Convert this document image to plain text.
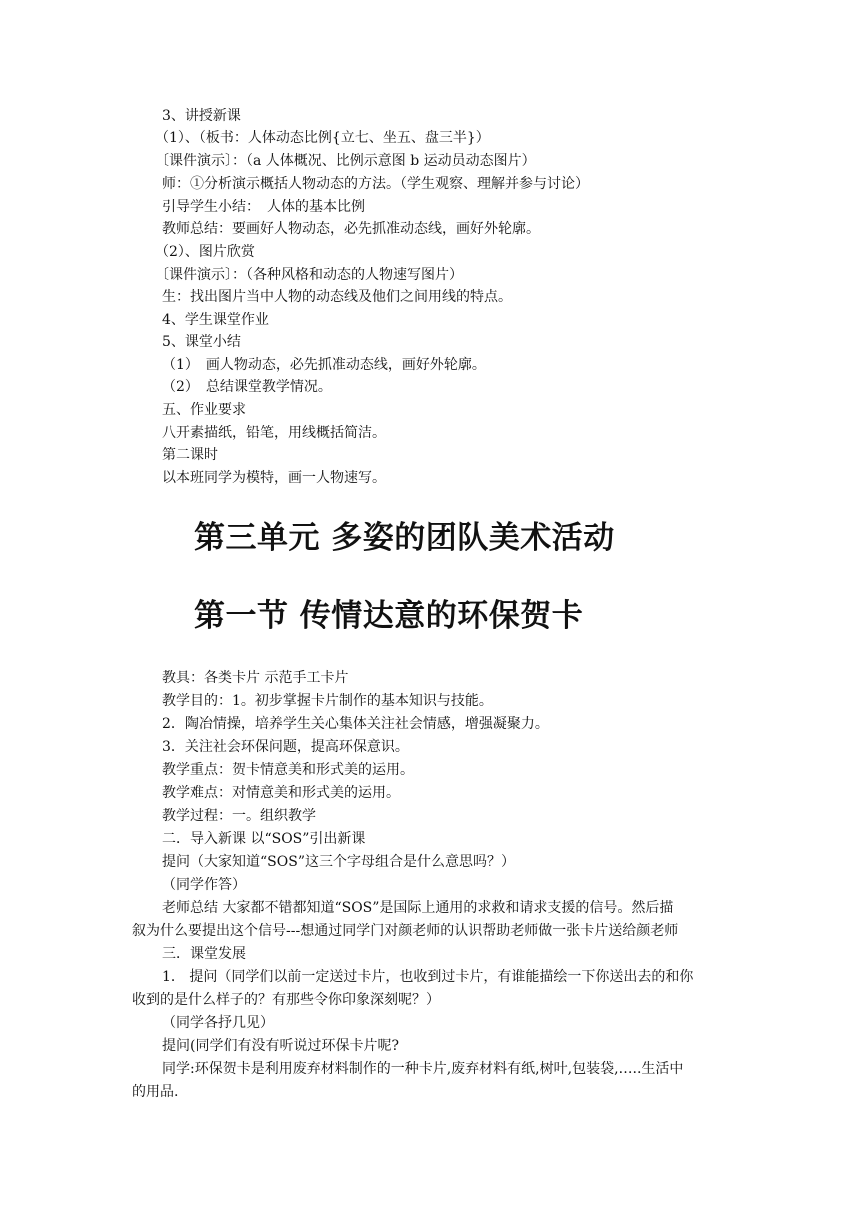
3、讲授新课
（1）、（板书：人体动态比例{立七、坐五、盘三半}）
〔课件演示〕：（a 人体概况、比例示意图 b 运动员动态图片）
师：①分析演示概括人物动态的方法。（学生观察、理解并参与讨论）
引导学生小结：　人体的基本比例
教师总结：要画好人物动态，必先抓准动态线，画好外轮廓。
（2）、图片欣赏
〔课件演示〕：（各种风格和动态的人物速写图片）
生：找出图片当中人物的动态线及他们之间用线的特点。
4、学生课堂作业
5、课堂小结
（1）　画人物动态，必先抓准动态线，画好外轮廓。
（2）　总结课堂教学情况。
五、作业要求
八开素描纸，铅笔，用线概括简洁。
第二课时
以本班同学为模特，画一人物速写。
第三单元 多姿的团队美术活动
第一节 传情达意的环保贺卡
教具：各类卡片 示范手工卡片
教学目的：1。初步掌握卡片制作的基本知识与技能。
2．陶冶情操，培养学生关心集体关注社会情感，增强凝聚力。
3．关注社会环保问题，提高环保意识。
教学重点：贺卡情意美和形式美的运用。
教学难点：对情意美和形式美的运用。
教学过程：一。组织教学
二．导入新课 以“SOS”引出新课
提问（大家知道“SOS”这三个字母组合是什么意思吗？）
（同学作答）
老师总结 大家都不错都知道“SOS”是国际上通用的求救和请求支援的信号。然后描
叙为什么要提出这个信号---想通过同学门对颜老师的认识帮助老师做一张卡片送给颜老师
三．课堂发展
1． 提问（同学们以前一定送过卡片，也收到过卡片，有谁能描绘一下你送出去的和你
收到的是什么样子的？有那些令你印象深刻呢？）
（同学各抒几见）
提问(同学们有没有听说过环保卡片呢?
同学:环保贺卡是利用废弃材料制作的一种卡片,废弃材料有纸,树叶,包装袋,…..生活中
的用品.
